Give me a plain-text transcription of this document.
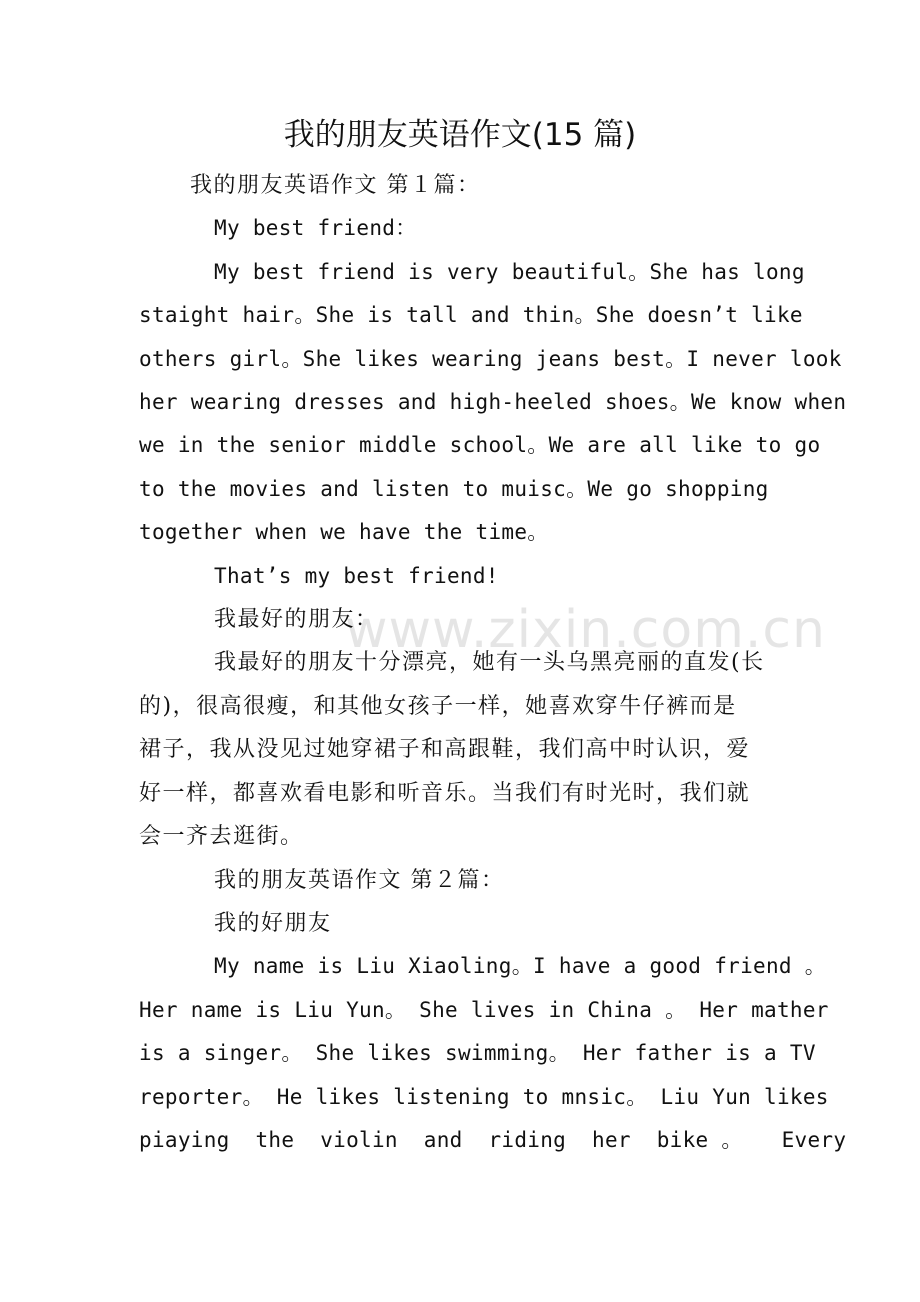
我的朋友英语作文(15 篇)
www.zixin.com.cn
我的朋友英语作文 第１篇：
My best friend：
My best friend is very beautiful。She has long
staight hair。She is tall and thin。She doesn’t like
others girl。She likes wearing jeans best。I never look
her wearing dresses and high-heeled shoes。We know when
we in the senior middle school。We are all like to go
to the movies and listen to muisc。We go shopping
together when we have the time。
That’s my best friend!
我最好的朋友：
我最好的朋友十分漂亮，她有一头乌黑亮丽的直发(长
的)，很高很瘦，和其他女孩子一样，她喜欢穿牛仔裤而是
裙子，我从没见过她穿裙子和高跟鞋，我们高中时认识，爱
好一样，都喜欢看电影和听音乐。当我们有时光时，我们就
会一齐去逛街。
我的朋友英语作文 第２篇：
我的好朋友
My name is Liu Xiaoling。I have a good friend 。
Her name is Liu Yun。 She lives in China 。 Her mather
is a singer。 She likes swimming。 Her father is a TV
reporter。 He likes listening to mnsic。 Liu Yun likes
piaying  the  violin  and  riding  her  bike 。   Every
